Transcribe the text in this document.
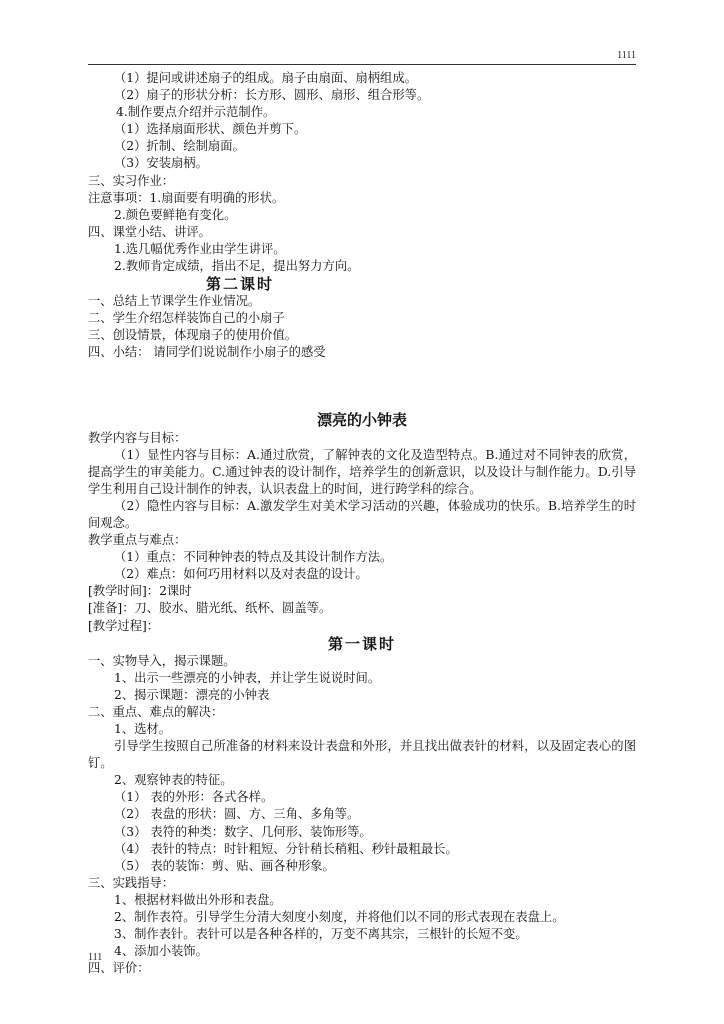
1111
（1）提问或讲述扇子的组成。扇子由扇面、扇柄组成。
（2）扇子的形状分析：长方形、圆形、扇形、组合形等。
4.制作要点介绍并示范制作。
（1）选择扇面形状、颜色并剪下。
（2）折制、绘制扇面。
（3）安装扇柄。
三、实习作业：
注意事项：1.扇面要有明确的形状。
2.颜色要鲜艳有变化。
四、课堂小结、讲评。
1.选几幅优秀作业由学生讲评。
2.教师肯定成绩，指出不足，提出努力方向。
第二课时
一、总结上节课学生作业情况。
二、学生介绍怎样装饰自己的小扇子
三、创设情景，体现扇子的使用价值。
四、小结： 请同学们说说制作小扇子的感受
漂亮的小钟表
教学内容与目标：
（1）显性内容与目标：A.通过欣赏，了解钟表的文化及造型特点。B.通过对不同钟表的欣赏，提高学生的审美能力。C.通过钟表的设计制作，培养学生的创新意识，以及设计与制作能力。D.引导学生利用自己设计制作的钟表，认识表盘上的时间，进行跨学科的综合。
（2）隐性内容与目标：A.激发学生对美术学习活动的兴趣，体验成功的快乐。B.培养学生的时间观念。
教学重点与难点：
（1）重点：不同种钟表的特点及其设计制作方法。
（2）难点：如何巧用材料以及对表盘的设计。
[教学时间]：2课时
[准备]：刀、胶水、腊光纸、纸杯、圆盖等。
[教学过程]：
第一课时
一、实物导入，揭示课题。
1、出示一些漂亮的小钟表，并让学生说说时间。
2、揭示课题：漂亮的小钟表
二、重点、难点的解决：
1、选材。
引导学生按照自己所准备的材料来设计表盘和外形，并且找出做表针的材料，以及固定表心的图钉。
2、观察钟表的特征。
（1） 表的外形：各式各样。
（2） 表盘的形状：圆、方、三角、多角等。
（3） 表符的种类：数字、几何形、装饰形等。
（4） 表针的特点：时针粗短、分针稍长稍粗、秒针最粗最长。
（5） 表的装饰：剪、贴、画各种形象。
三、实践指导：
1、根据材料做出外形和表盘。
2、制作表符。引导学生分清大刻度小刻度，并将他们以不同的形式表现在表盘上。
3、制作表针。表针可以是各种各样的，万变不离其宗，三根针的长短不变。
4、添加小装饰。
四、评价：
111
